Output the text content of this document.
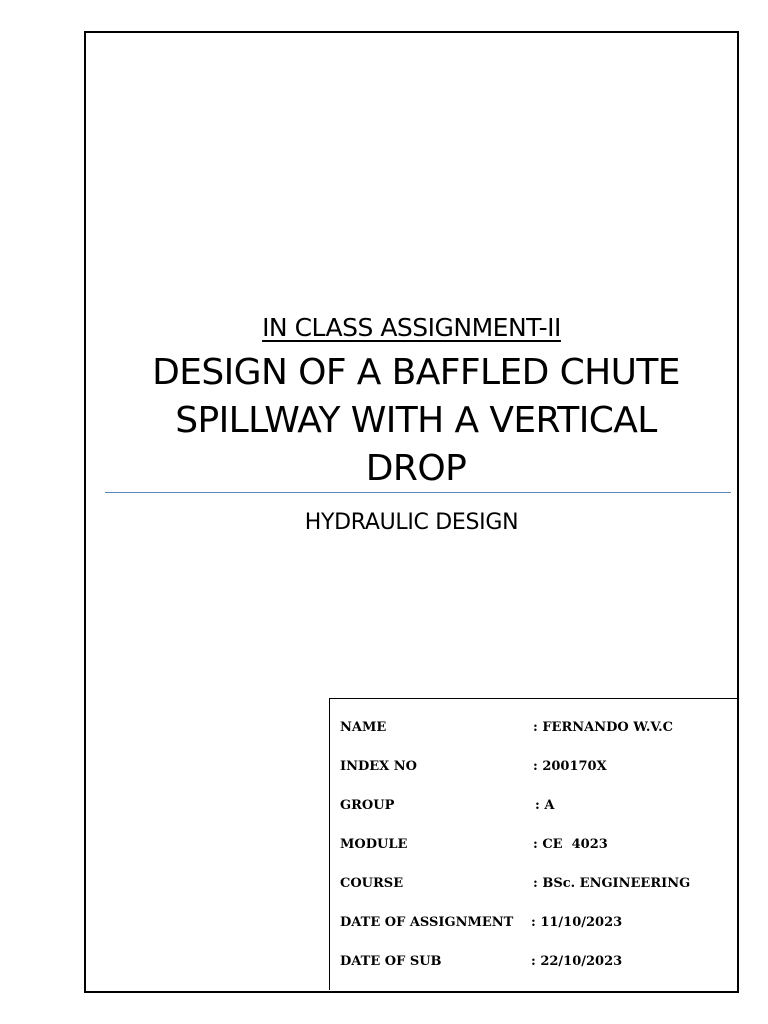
IN CLASS ASSIGNMENT-II
DESIGN OF A BAFFLED CHUTE
SPILLWAY WITH A VERTICAL
DROP
HYDRAULIC DESIGN
NAME	: FERNANDO W.V.C
INDEX NO	: 200170X
GROUP	: A
MODULE	: CE  4023
COURSE	: BSc. ENGINEERING
DATE OF ASSIGNMENT : 11/10/2023
DATE OF SUB	: 22/10/2023
